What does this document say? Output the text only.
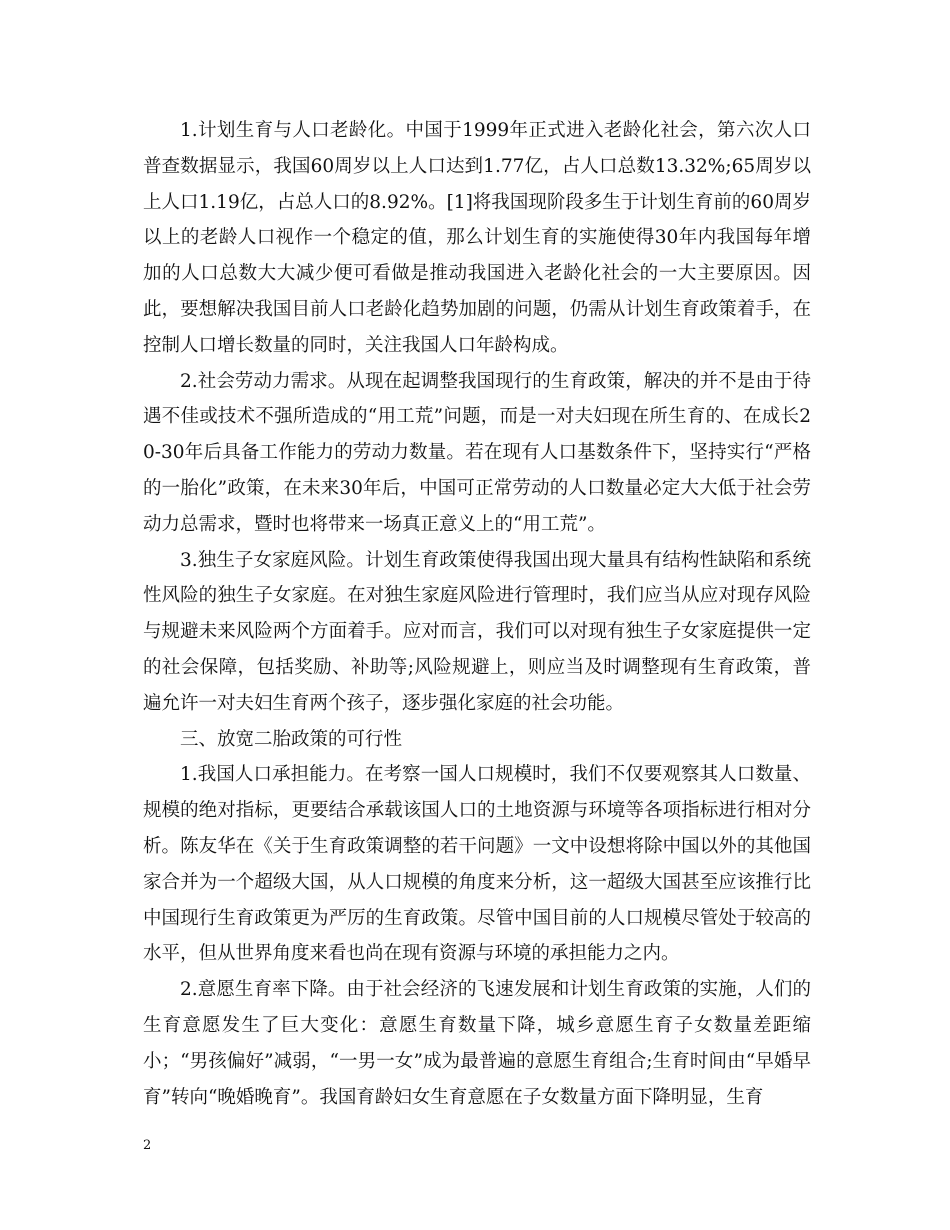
1.计划生育与人口老龄化。中国于1999年正式进入老龄化社会，第六次人口普查数据显示，我国60周岁以上人口达到1.77亿，占人口总数13.32%;65周岁以上人口1.19亿，占总人口的8.92%。[1]将我国现阶段多生于计划生育前的60周岁以上的老龄人口视作一个稳定的值，那么计划生育的实施使得30年内我国每年增加的人口总数大大减少便可看做是推动我国进入老龄化社会的一大主要原因。因此，要想解决我国目前人口老龄化趋势加剧的问题，仍需从计划生育政策着手，在控制人口增长数量的同时，关注我国人口年龄构成。

2.社会劳动力需求。从现在起调整我国现行的生育政策，解决的并不是由于待遇不佳或技术不强所造成的“用工荒”问题，而是一对夫妇现在所生育的、在成长20-30年后具备工作能力的劳动力数量。若在现有人口基数条件下，坚持实行“严格的一胎化”政策，在未来30年后，中国可正常劳动的人口数量必定大大低于社会劳动力总需求，暨时也将带来一场真正意义上的“用工荒”。

3.独生子女家庭风险。计划生育政策使得我国出现大量具有结构性缺陷和系统性风险的独生子女家庭。在对独生家庭风险进行管理时，我们应当从应对现存风险与规避未来风险两个方面着手。应对而言，我们可以对现有独生子女家庭提供一定的社会保障，包括奖励、补助等;风险规避上，则应当及时调整现有生育政策，普遍允许一对夫妇生育两个孩子，逐步强化家庭的社会功能。

三、放宽二胎政策的可行性

1.我国人口承担能力。在考察一国人口规模时，我们不仅要观察其人口数量、规模的绝对指标，更要结合承载该国人口的土地资源与环境等各项指标进行相对分析。陈友华在《关于生育政策调整的若干问题》一文中设想将除中国以外的其他国家合并为一个超级大国，从人口规模的角度来分析，这一超级大国甚至应该推行比中国现行生育政策更为严厉的生育政策。尽管中国目前的人口规模尽管处于较高的水平，但从世界角度来看也尚在现有资源与环境的承担能力之内。

2.意愿生育率下降。由于社会经济的飞速发展和计划生育政策的实施，人们的生育意愿发生了巨大变化：意愿生育数量下降，城乡意愿生育子女数量差距缩小；“男孩偏好”减弱，“一男一女”成为最普遍的意愿生育组合;生育时间由“早婚早育”转向“晚婚晚育”。我国育龄妇女生育意愿在子女数量方面下降明显，生育

2
